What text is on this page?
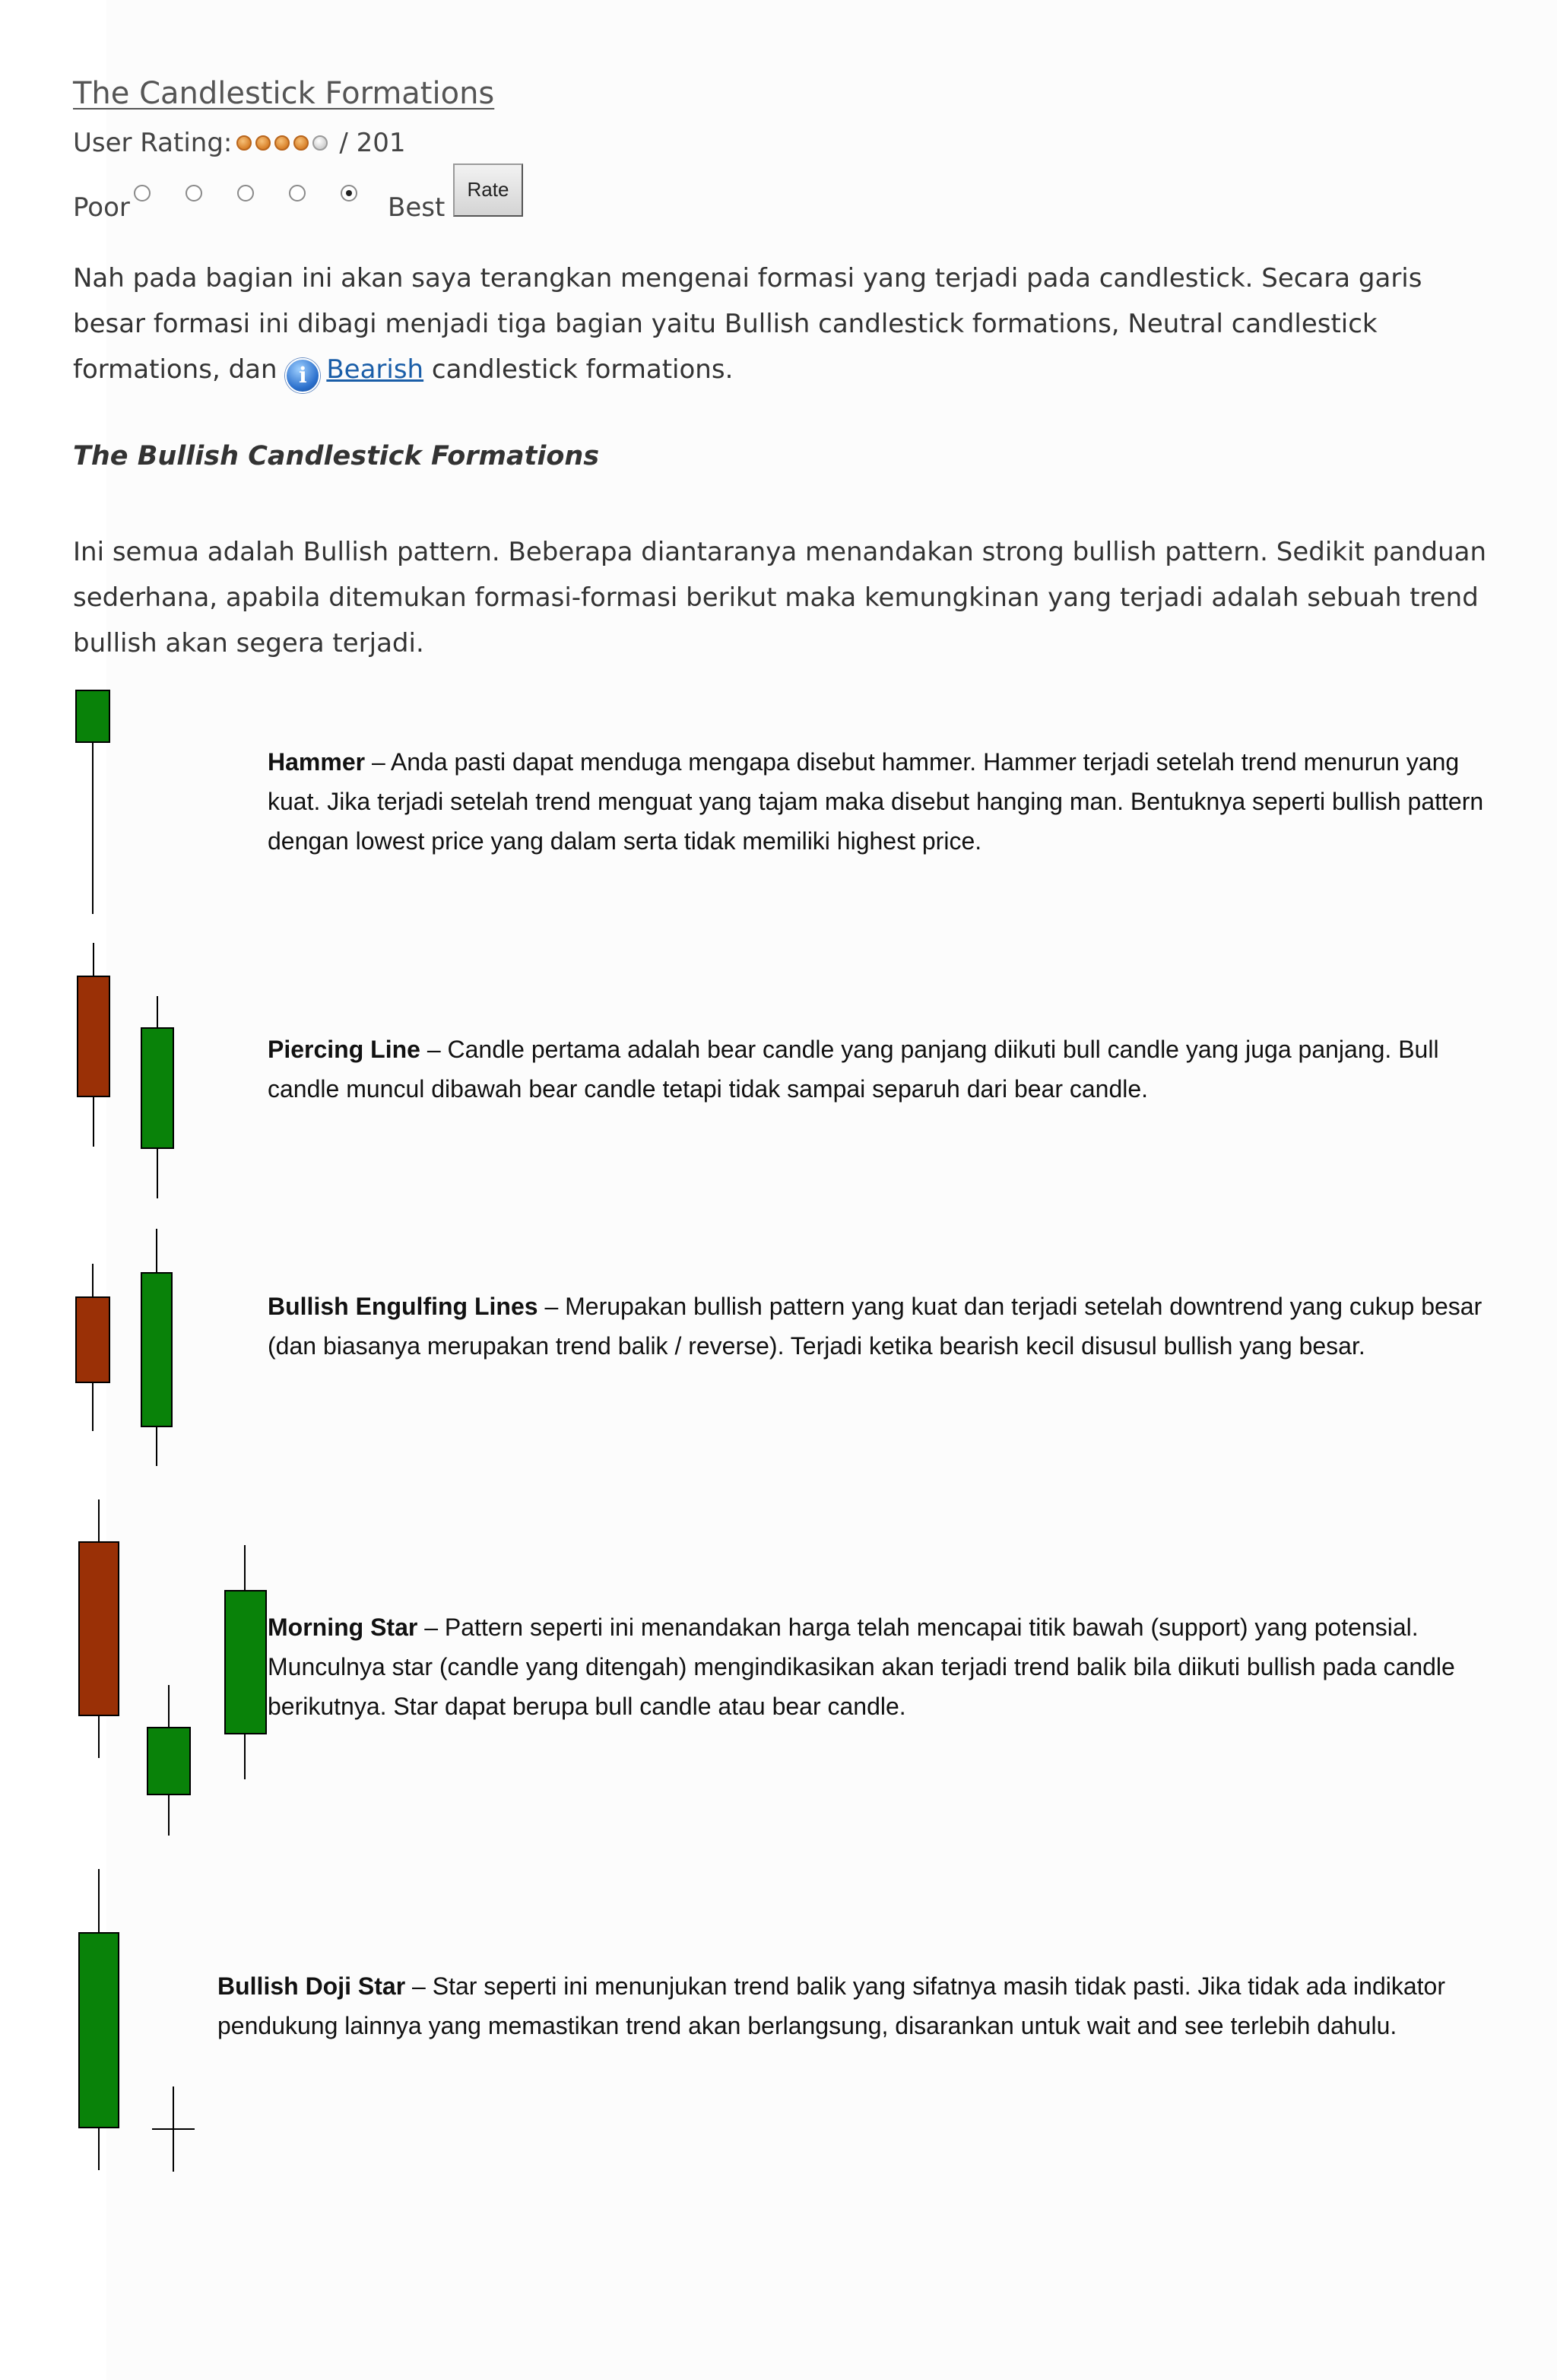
The Candlestick Formations
User Rating:	/ 201
Poor	Best
Rate
Nah pada bagian ini akan saya terangkan mengenai formasi yang terjadi pada candlestick. Secara garis besar formasi ini dibagi menjadi tiga bagian yaitu Bullish candlestick formations, Neutral candlestick formations, dan i Bearish candlestick formations.
The Bullish Candlestick Formations
Ini semua adalah Bullish pattern. Beberapa diantaranya menandakan strong bullish pattern. Sedikit panduan sederhana, apabila ditemukan formasi-formasi berikut maka kemungkinan yang terjadi adalah sebuah trend bullish akan segera terjadi.
Hammer – Anda pasti dapat menduga mengapa disebut hammer. Hammer terjadi setelah trend menurun yang kuat. Jika terjadi setelah trend menguat yang tajam maka disebut hanging man. Bentuknya seperti bullish pattern dengan lowest price yang dalam serta tidak memiliki highest price.
Piercing Line – Candle pertama adalah bear candle yang panjang diikuti bull candle yang juga panjang. Bull candle muncul dibawah bear candle tetapi tidak sampai separuh dari bear candle.
Bullish Engulfing Lines – Merupakan bullish pattern yang kuat dan terjadi setelah downtrend yang cukup besar (dan biasanya merupakan trend balik / reverse). Terjadi ketika bearish kecil disusul bullish yang besar.
Morning Star – Pattern seperti ini menandakan harga telah mencapai titik bawah (support) yang potensial. Munculnya star (candle yang ditengah) mengindikasikan akan terjadi trend balik bila diikuti bullish pada candle berikutnya. Star dapat berupa bull candle atau bear candle.
Bullish Doji Star – Star seperti ini menunjukan trend balik yang sifatnya masih tidak pasti. Jika tidak ada indikator pendukung lainnya yang memastikan trend akan berlangsung, disarankan untuk wait and see terlebih dahulu.
